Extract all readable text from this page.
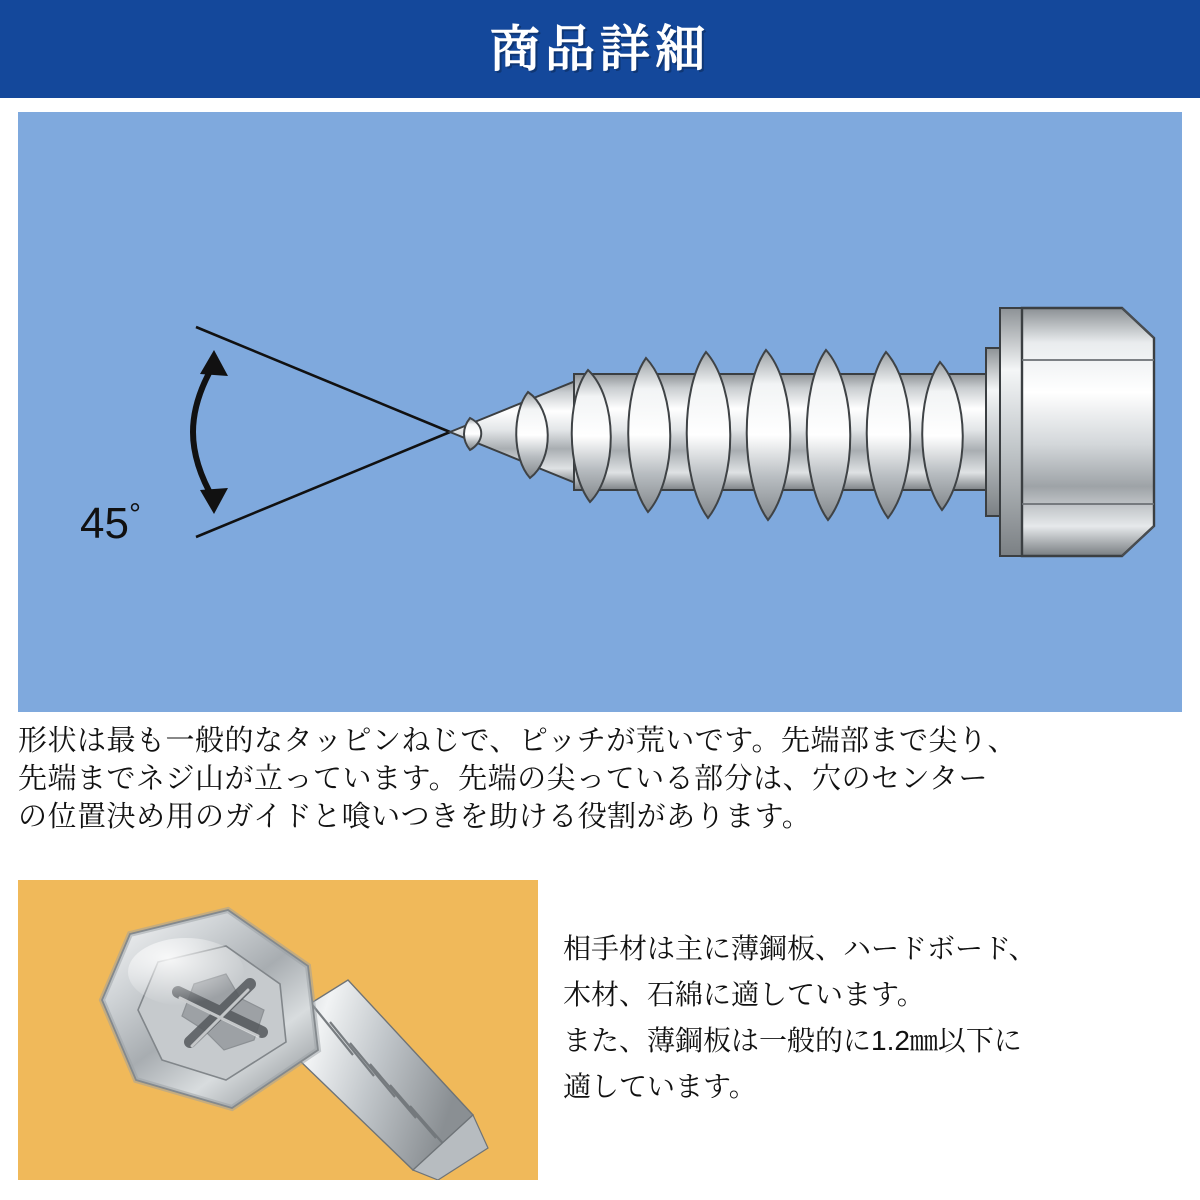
商品詳細
45°
形状は最も一般的なタッピンねじで、ピッチが荒いです。先端部まで尖り、
先端までネジ山が立っています。先端の尖っている部分は、穴のセンター
の位置決め用のガイドと喰いつきを助ける役割があります。
相手材は主に薄鋼板、ハードボード、
木材、石綿に適しています。
また、薄鋼板は一般的に1.2㎜以下に
適しています。
